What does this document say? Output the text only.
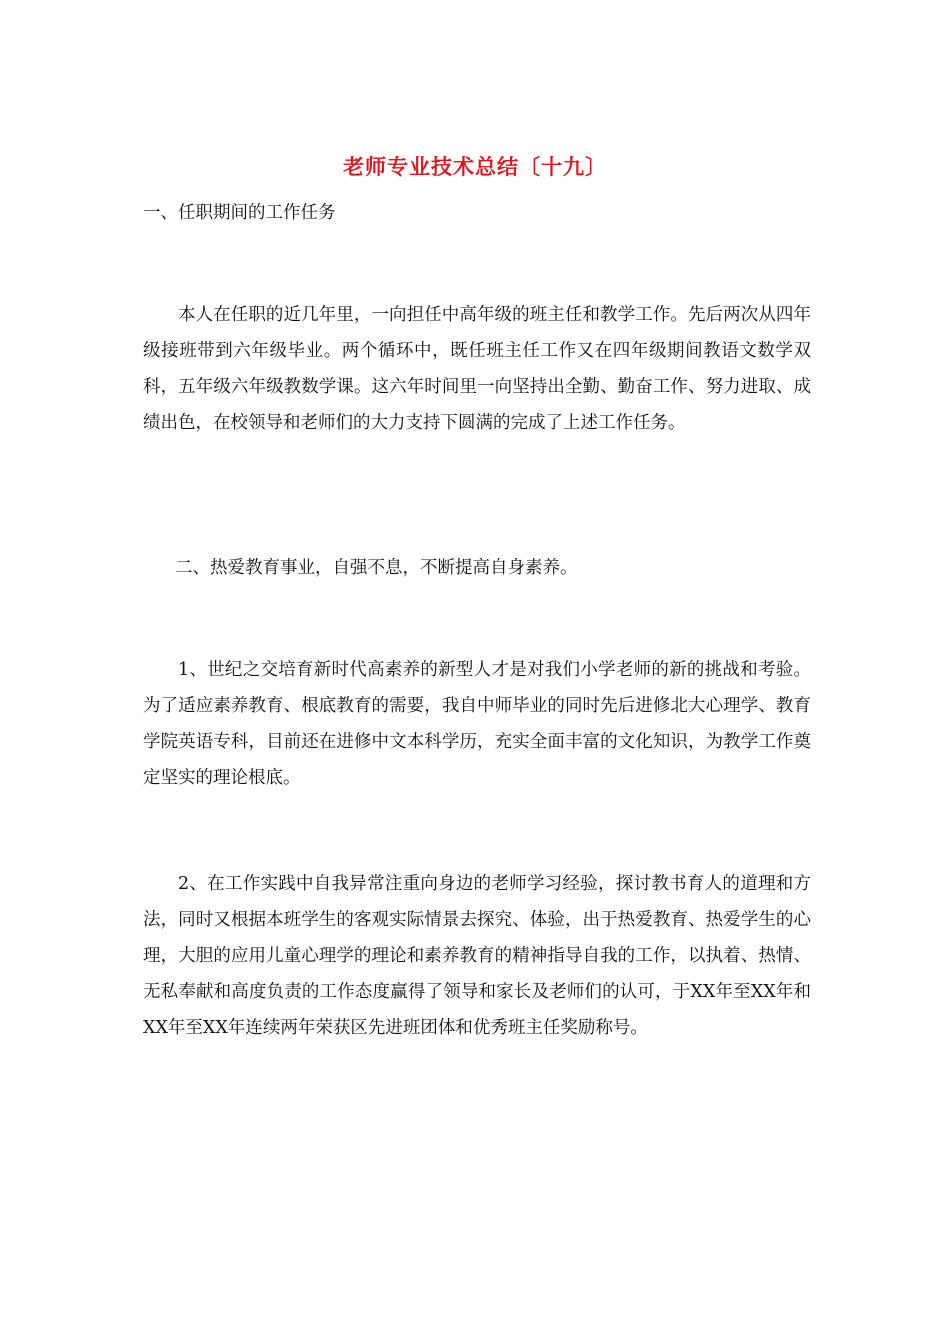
老师专业技术总结〔十九〕
一、任职期间的工作任务
本人在任职的近几年里，一向担任中高年级的班主任和教学工作。先后两次从四年级接班带到六年级毕业。两个循环中，既任班主任工作又在四年级期间教语文数学双科，五年级六年级教数学课。这六年时间里一向坚持出全勤、勤奋工作、努力进取、成绩出色，在校领导和老师们的大力支持下圆满的完成了上述工作任务。
二、热爱教育事业，自强不息，不断提高自身素养。
1、世纪之交培育新时代高素养的新型人才是对我们小学老师的新的挑战和考验。为了适应素养教育、根底教育的需要，我自中师毕业的同时先后进修北大心理学、教育学院英语专科，目前还在进修中文本科学历，充实全面丰富的文化知识，为教学工作奠定坚实的理论根底。
2、在工作实践中自我异常注重向身边的老师学习经验，探讨教书育人的道理和方法，同时又根据本班学生的客观实际情景去探究、体验，出于热爱教育、热爱学生的心理，大胆的应用儿童心理学的理论和素养教育的精神指导自我的工作，以执着、热情、无私奉献和高度负责的工作态度赢得了领导和家长及老师们的认可，于XX年至XX年和XX年至XX年连续两年荣获区先进班团体和优秀班主任奖励称号。
